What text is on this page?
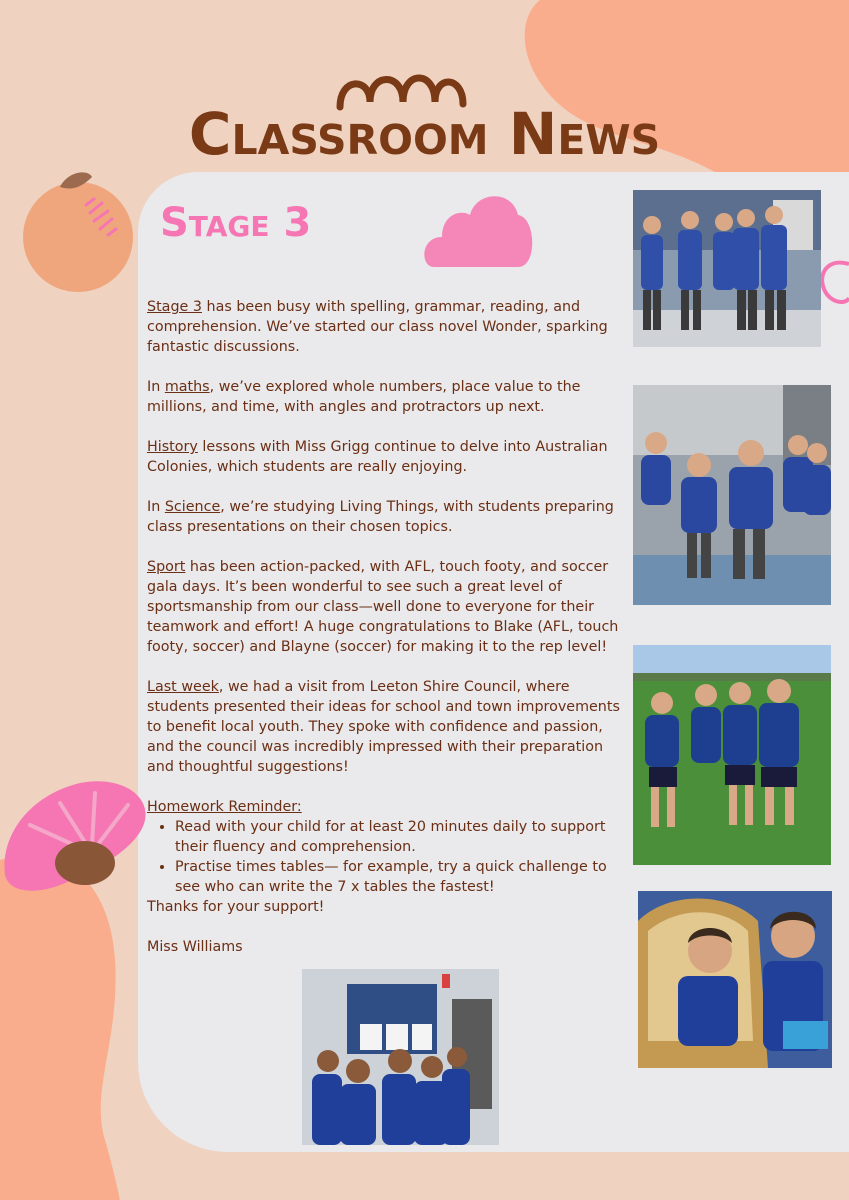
Classroom News
Stage 3

Stage 3 has been busy with spelling, grammar, reading, and comprehension. We’ve started our class novel Wonder, sparking fantastic discussions.

In maths, we’ve explored whole numbers, place value to the millions, and time, with angles and protractors up next.

History lessons with Miss Grigg continue to delve into Australian Colonies, which students are really enjoying.

In Science, we’re studying Living Things, with students preparing class presentations on their chosen topics.

Sport has been action-packed, with AFL, touch footy, and soccer gala days. It’s been wonderful to see such a great level of sportsmanship from our class—well done to everyone for their teamwork and effort! A huge congratulations to Blake (AFL, touch footy, soccer) and Blayne (soccer) for making it to the rep level!

Last week, we had a visit from Leeton Shire Council, where students presented their ideas for school and town improvements to benefit local youth. They spoke with confidence and passion, and the council was incredibly impressed with their preparation and thoughtful suggestions!

Homework Reminder:
• Read with your child for at least 20 minutes daily to support their fluency and comprehension.
• Practise times tables— for example, try a quick challenge to see who can write the 7 x tables the fastest!

Thanks for your support!

Miss Williams
